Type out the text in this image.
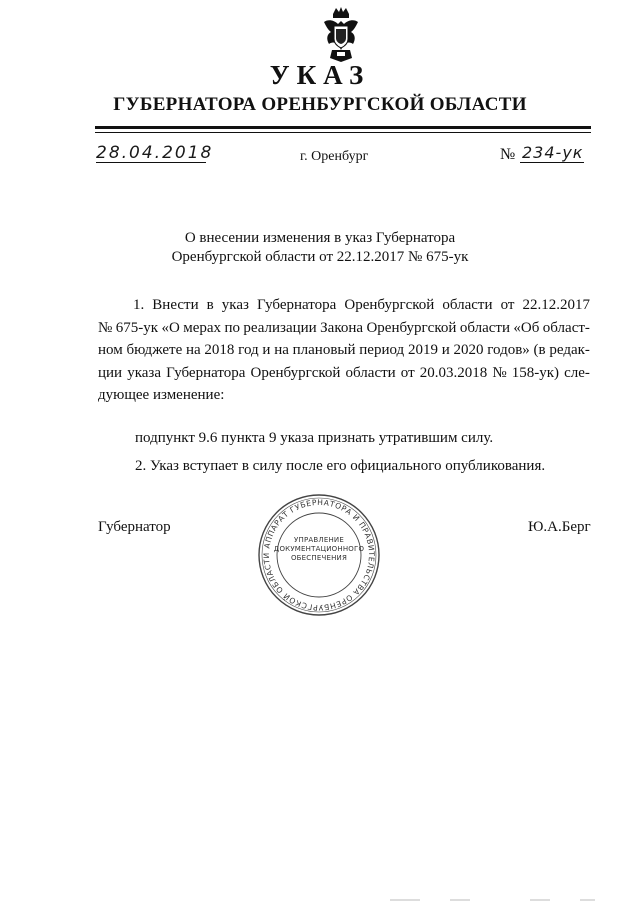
УКАЗ
ГУБЕРНАТОРА ОРЕНБУРГСКОЙ ОБЛАСТИ
28.04.2018	г. Оренбург	№ 234-ук
О внесении изменения в указ Губернатора
Оренбургской области от 22.12.2017 № 675-ук
1. Внести в указ Губернатора Оренбургской области от 22.12.2017
№ 675-ук «О мерах по реализации Закона Оренбургской области «Об област-
ном бюджете на 2018 год и на плановый период 2019 и 2020 годов» (в редак-
ции указа Губернатора Оренбургской области от 20.03.2018 № 158-ук) сле-
дующее изменение:
подпункт 9.6 пункта 9 указа признать утратившим силу.
2. Указ вступает в силу после его официального опубликования.
Губернатор	Ю.А.Берг
АППАРАТ ГУБЕРНАТОРА И ПРАВИТЕЛЬСТВА ОРЕНБУРГСКОЙ ОБЛАСТИ
УПРАВЛЕНИЕ
ДОКУМЕНТАЦИОННОГО
ОБЕСПЕЧЕНИЯ
